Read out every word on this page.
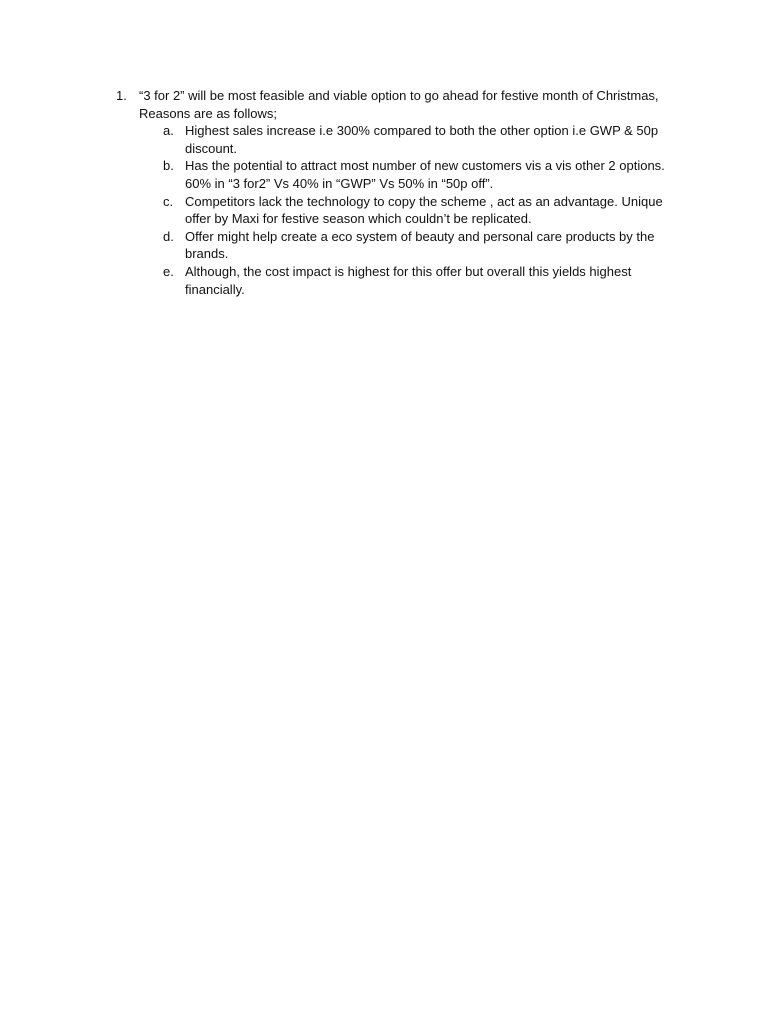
1. “3 for 2” will be most feasible and viable option to go ahead for festive month of Christmas, Reasons are as follows;
a. Highest sales increase i.e 300% compared to both the other option i.e GWP & 50p discount.
b. Has the potential to attract most number of new customers vis a vis other 2 options. 60% in “3 for2” Vs 40% in “GWP” Vs 50% in “50p off”.
c. Competitors lack the technology to copy the scheme , act as an advantage. Unique offer by Maxi for festive season which couldn’t be replicated.
d. Offer might help create a eco system of beauty and personal care products by the brands.
e. Although, the cost impact is highest for this offer but overall this yields highest financially.
